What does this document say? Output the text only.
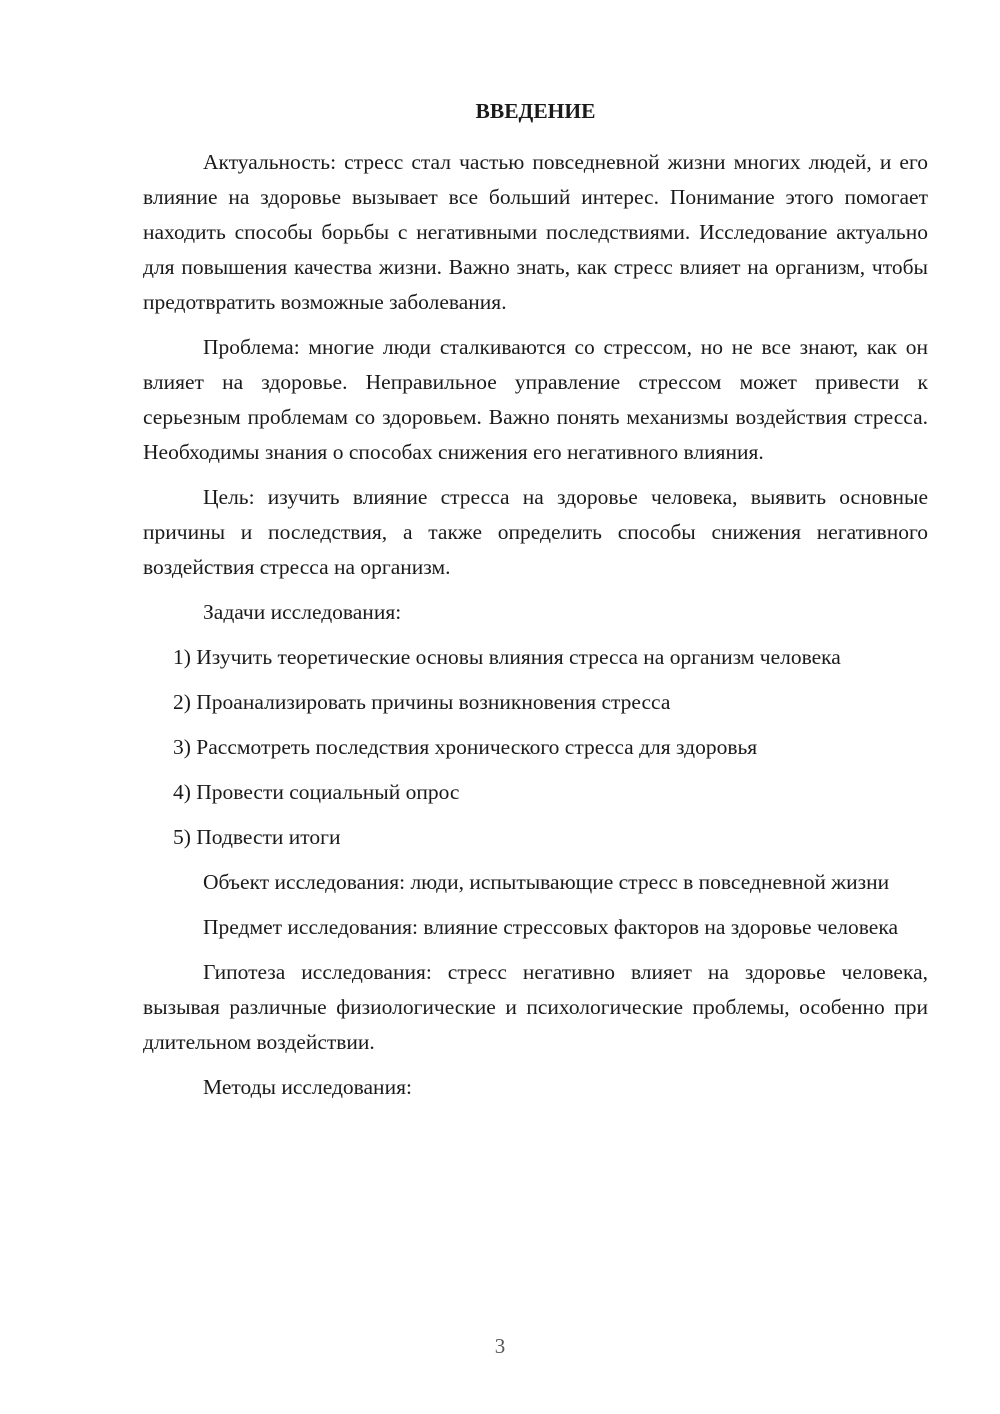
ВВЕДЕНИЕ

Актуальность: стресс стал частью повседневной жизни многих людей, и его влияние на здоровье вызывает все больший интерес. Понимание этого помогает находить способы борьбы с негативными последствиями. Исследование актуально для повышения качества жизни. Важно знать, как стресс влияет на организм, чтобы предотвратить возможные заболевания.

Проблема: многие люди сталкиваются со стрессом, но не все знают, как он влияет на здоровье. Неправильное управление стрессом может привести к серьезным проблемам со здоровьем. Важно понять механизмы воздействия стресса. Необходимы знания о способах снижения его негативного влияния.

Цель: изучить влияние стресса на здоровье человека, выявить основные причины и последствия, а также определить способы снижения негативного воздействия стресса на организм.

Задачи исследования:

1) Изучить теоретические основы влияния стресса на организм человека

2) Проанализировать причины возникновения стресса

3) Рассмотреть последствия хронического стресса для здоровья

4) Провести социальный опрос

5) Подвести итоги

Объект исследования: люди, испытывающие стресс в повседневной жизни

Предмет исследования: влияние стрессовых факторов на здоровье человека

Гипотеза исследования: стресс негативно влияет на здоровье человека, вызывая различные физиологические и психологические проблемы, особенно при длительном воздействии.

Методы исследования:

3
